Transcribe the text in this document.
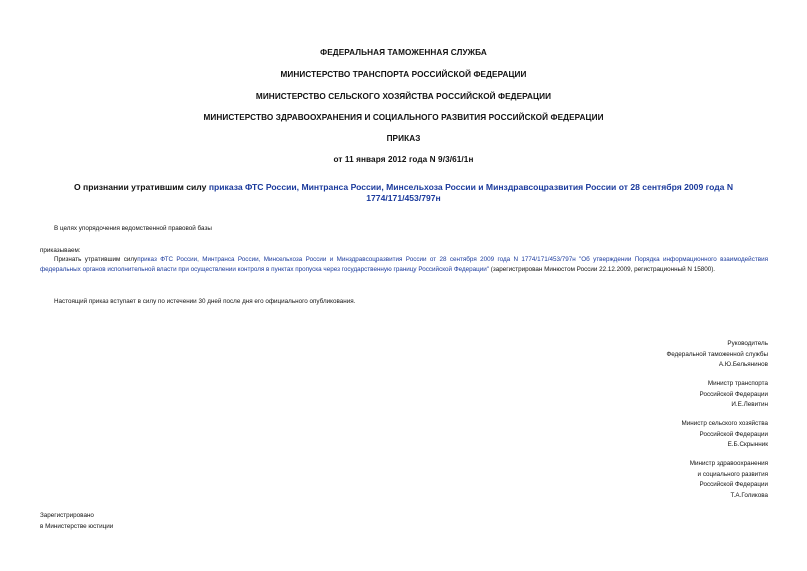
ФЕДЕРАЛЬНАЯ ТАМОЖЕННАЯ СЛУЖБА
МИНИСТЕРСТВО ТРАНСПОРТА РОССИЙСКОЙ ФЕДЕРАЦИИ
МИНИСТЕРСТВО СЕЛЬСКОГО ХОЗЯЙСТВА РОССИЙСКОЙ ФЕДЕРАЦИИ
МИНИСТЕРСТВО ЗДРАВООХРАНЕНИЯ И СОЦИАЛЬНОГО РАЗВИТИЯ РОССИЙСКОЙ ФЕДЕРАЦИИ
ПРИКАЗ
от 11 января 2012 года N 9/3/61/1н
О признании утратившим силу приказа ФТС России, Минтранса России, Минсельхоза России и Минздравсоцразвития России от 28 сентября 2009 года N 1774/171/453/797н
В целях упорядочения ведомственной правовой базы
приказываем:
Признать утратившим силуприказ ФТС России, Минтранса России, Минсельхоза России и Минздравсоцразвития России от 28 сентября 2009 года N 1774/171/453/797н "Об утверждении Порядка информационного взаимодействия федеральных органов исполнительной власти при осуществлении контроля в пунктах пропуска через государственную границу Российской Федерации" (зарегистрирован Минюстом России 22.12.2009, регистрационный N 15800).
Настоящий приказ вступает в силу по истечении 30 дней после дня его официального опубликования.
Руководитель
Федеральной таможенной службы
А.Ю.Бельянинов
Министр транспорта
Российской Федерации
И.Е.Левитин
Министр сельского хозяйства
Российской Федерации
Е.Б.Скрынник
Министр здравоохранения
и социального развития
Российской Федерации
Т.А.Голикова
Зарегистрировано
в Министерстве юстиции
